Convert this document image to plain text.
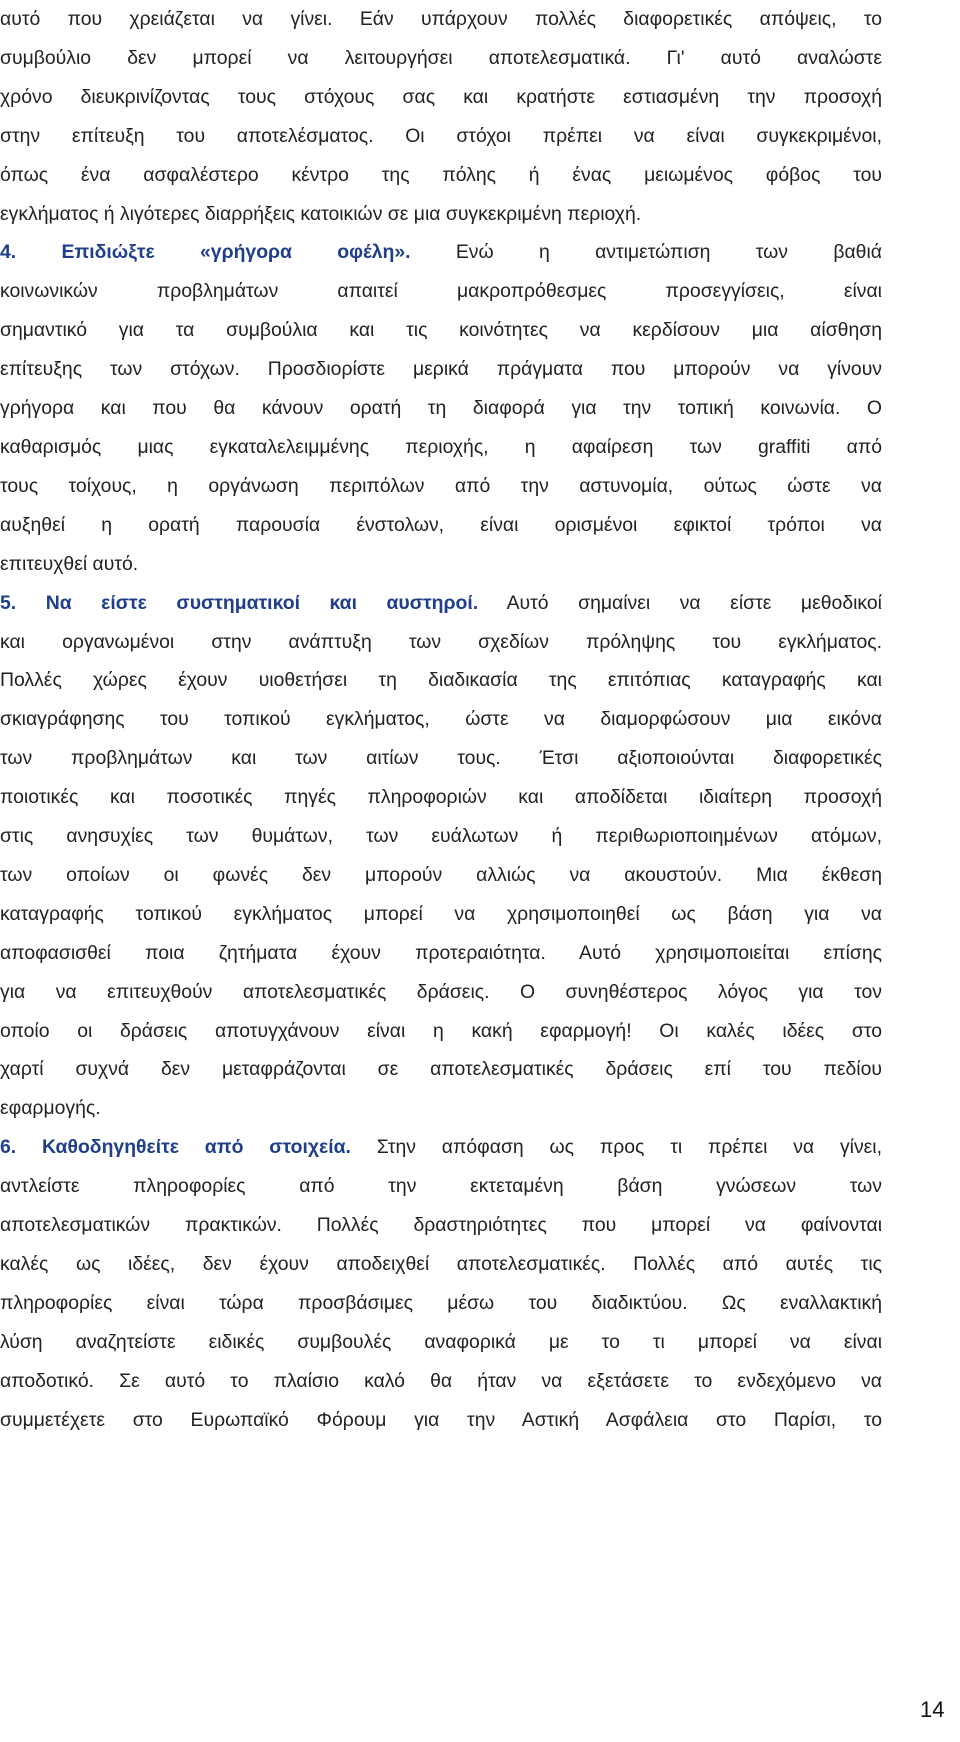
αυτό που χρειάζεται να γίνει. Εάν υπάρχουν πολλές διαφορετικές απόψεις, το

συμβούλιο δεν μπορεί να λειτουργήσει αποτελεσματικά. Γι' αυτό αναλώστε

χρόνο διευκρινίζοντας τους στόχους σας και κρατήστε εστιασμένη την προσοχή

στην επίτευξη του αποτελέσματος. Οι στόχοι πρέπει να είναι συγκεκριμένοι,

όπως ένα ασφαλέστερο κέντρο της πόλης ή ένας μειωμένος φόβος του

εγκλήματος ή λιγότερες διαρρήξεις κατοικιών σε μια συγκεκριμένη περιοχή.

4. Επιδιώξτε «γρήγορα οφέλη». Ενώ η αντιμετώπιση των βαθιά

κοινωνικών προβλημάτων απαιτεί μακροπρόθεσμες προσεγγίσεις, είναι

σημαντικό για τα συμβούλια και τις κοινότητες να κερδίσουν μια αίσθηση

επίτευξης των στόχων. Προσδιορίστε μερικά πράγματα που μπορούν να γίνουν

γρήγορα και που θα κάνουν ορατή τη διαφορά για την τοπική κοινωνία. Ο

καθαρισμός μιας εγκαταλελειμμένης περιοχής, η αφαίρεση των graffiti από

τους τοίχους, η οργάνωση περιπόλων από την αστυνομία, ούτως ώστε να

αυξηθεί η ορατή παρουσία ένστολων, είναι ορισμένοι εφικτοί τρόποι να

επιτευχθεί αυτό.

5. Να είστε συστηματικοί και αυστηροί. Αυτό σημαίνει να είστε μεθοδικοί

και οργανωμένοι στην ανάπτυξη των σχεδίων πρόληψης του εγκλήματος.

Πολλές χώρες έχουν υιοθετήσει τη διαδικασία της επιτόπιας καταγραφής και

σκιαγράφησης του τοπικού εγκλήματος, ώστε να διαμορφώσουν μια εικόνα

των προβλημάτων και των αιτίων τους. Έτσι αξιοποιούνται διαφορετικές

ποιοτικές και ποσοτικές πηγές πληροφοριών και αποδίδεται ιδιαίτερη προσοχή

στις ανησυχίες των θυμάτων, των ευάλωτων ή περιθωριοποιημένων ατόμων,

των οποίων οι φωνές δεν μπορούν αλλιώς να ακουστούν. Μια έκθεση

καταγραφής τοπικού εγκλήματος μπορεί να χρησιμοποιηθεί ως βάση για να

αποφασισθεί ποια ζητήματα έχουν προτεραιότητα. Αυτό χρησιμοποιείται επίσης

για να επιτευχθούν αποτελεσματικές δράσεις. Ο συνηθέστερος λόγος για τον

οποίο οι δράσεις αποτυγχάνουν είναι η κακή εφαρμογή! Οι καλές ιδέες στο

χαρτί συχνά δεν μεταφράζονται σε αποτελεσματικές δράσεις επί του πεδίου

εφαρμογής.

6. Καθοδηγηθείτε από στοιχεία. Στην απόφαση ως προς τι πρέπει να γίνει,

αντλείστε πληροφορίες από την εκτεταμένη βάση γνώσεων των

αποτελεσματικών πρακτικών. Πολλές δραστηριότητες που μπορεί να φαίνονται

καλές ως ιδέες, δεν έχουν αποδειχθεί αποτελεσματικές. Πολλές από αυτές τις

πληροφορίες είναι τώρα προσβάσιμες μέσω του διαδικτύου. Ως εναλλακτική

λύση αναζητείστε ειδικές συμβουλές αναφορικά με το τι μπορεί να είναι

αποδοτικό. Σε αυτό το πλαίσιο καλό θα ήταν να εξετάσετε το ενδεχόμενο να

συμμετέχετε στο Ευρωπαϊκό Φόρουμ για την Αστική Ασφάλεια στο Παρίσι, το

14
